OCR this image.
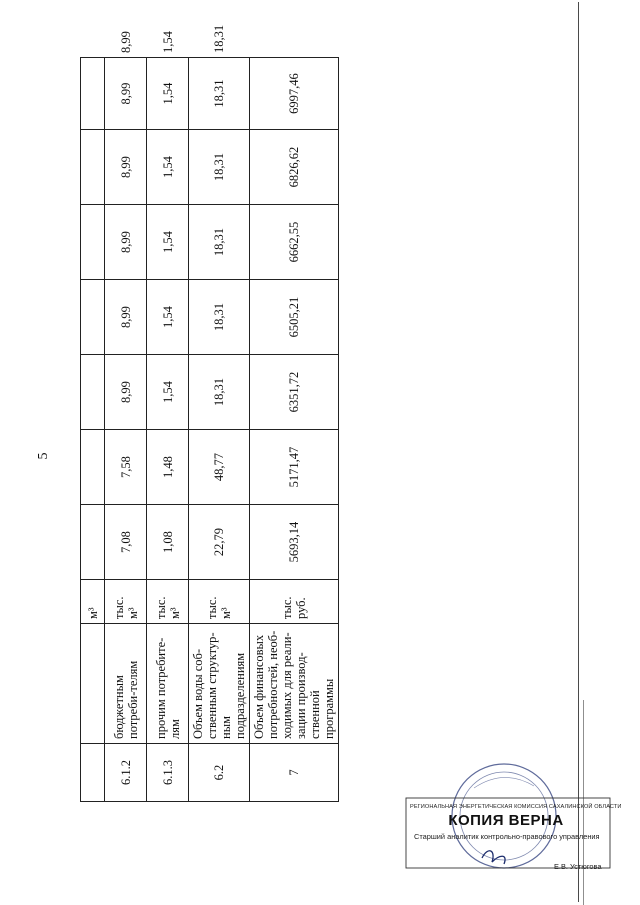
5
		м³								
6.1.2	бюджетным потреби-телям	тыс. м³	7,08	7,58	8,99	8,99	8,99	8,99	8,99	8,99
6.1.3	прочим потребите-лям	тыс. м³	1,08	1,48	1,54	1,54	1,54	1,54	1,54	1,54
6.2	Объем воды соб-ственным структур-ным подразделениям	тыс. м³	22,79	48,77	18,31	18,31	18,31	18,31	18,31	18,31
7	Объем финансовых потребностей, необ-ходимых для реали-зации производ-ственной программы	тыс. руб.	5693,14	5171,47	6351,72	6505,21	6662,55	6826,62	6997,46	
РЕГИОНАЛЬНАЯ ЭНЕРГЕТИЧЕСКАЯ КОМИССИЯ САХАЛИНСКОЙ ОБЛАСТИ
КОПИЯ ВЕРНА
Старший аналитик контрольно-правового управления
Е.В. Устюгова
